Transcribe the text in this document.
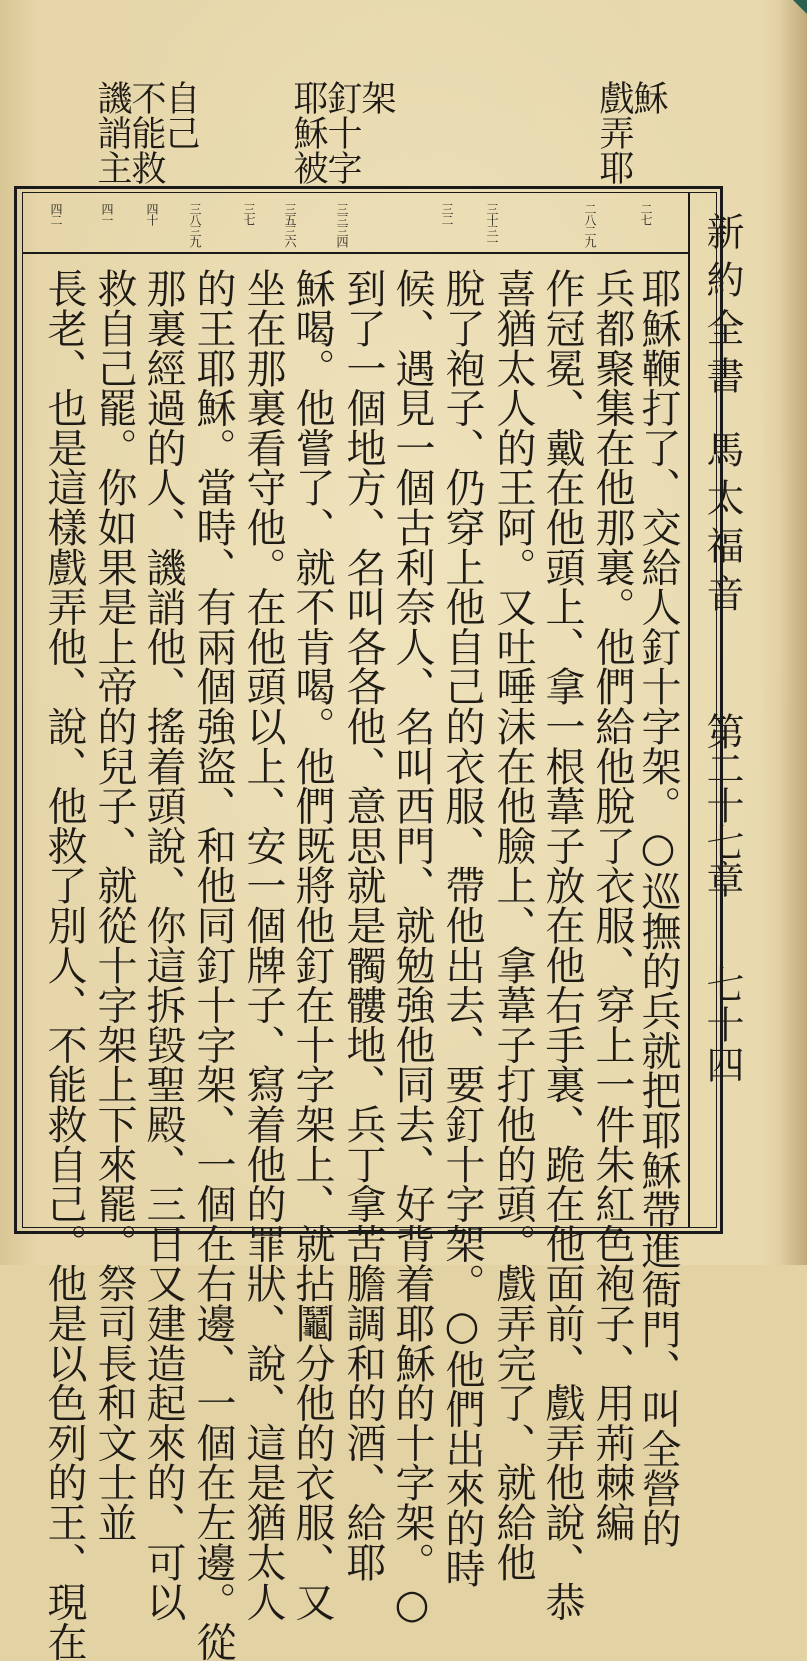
戲弄耶穌
耶穌被釘十字架
譏誚主不能救自己
二七
二八二九
三十三一
三二
三三三四
三五三六
三七
三八三九
四十
四一
四二
耶穌鞭打了、交給人釘十字架。○巡撫的兵就把耶穌帶進衙門、叫全營的
兵都聚集在他那裏。他們給他脫了衣服、穿上一件朱紅色袍子、用荊棘編
作冠冕、戴在他頭上、拿一根葦子放在他右手裏、跪在他面前、戲弄他說、恭
喜猶太人的王阿。又吐唾沫在他臉上、拿葦子打他的頭。戲弄完了、就給他
脫了袍子、仍穿上他自己的衣服、帶他出去、要釘十字架。○他們出來的時
候、遇見一個古利奈人、名叫西門、就勉強他同去、好背着耶穌的十字架。○
到了一個地方、名叫各各他、意思就是髑髏地、兵丁拿苦膽調和的酒、給耶
穌喝。他嘗了、就不肯喝。他們既將他釘在十字架上、就拈鬮分他的衣服、又
坐在那裏看守他。在他頭以上、安一個牌子、寫着他的罪狀、說、這是猶太人
的王耶穌。當時、有兩個強盜、和他同釘十字架、一個在右邊、一個在左邊。從
那裏經過的人、譏誚他、搖着頭說、你這拆毀聖殿、三日又建造起來的、可以
救自己罷。你如果是上帝的兒子、就從十字架上下來罷。祭司長和文士並
長老、也是這樣戲弄他、說、他救了別人、不能救自己。他是以色列的王、現在	新約全書
馬太福音
第二十七章
七十四
